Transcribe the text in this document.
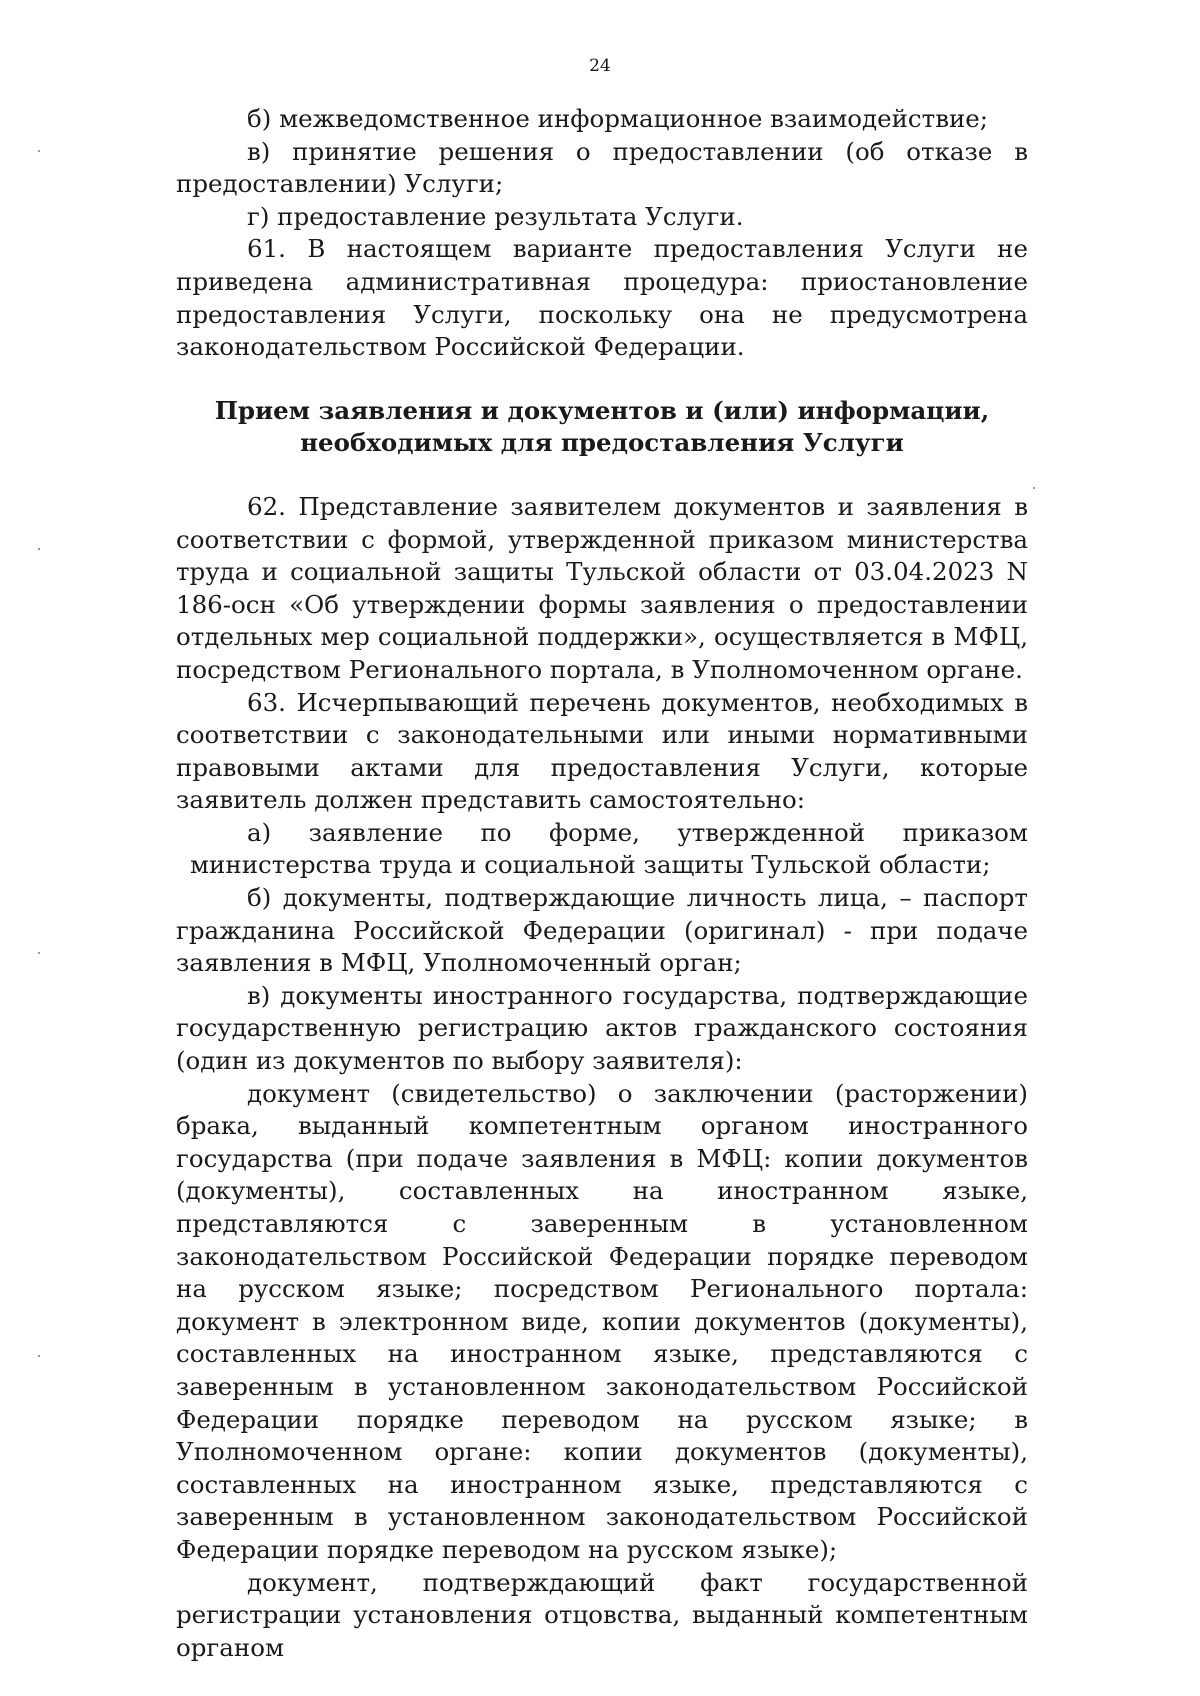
24

б) межведомственное информационное взаимодействие;

в) принятие решения о предоставлении (об отказе в предоставлении) Услуги;

г) предоставление результата Услуги.

61. В настоящем варианте предоставления Услуги не приведена административная процедура: приостановление предоставления Услуги, поскольку она не предусмотрена законодательством Российской Федерации.

Прием заявления и документов и (или) информации,

необходимых для предоставления Услуги

62. Представление заявителем документов и заявления в соответствии с формой, утвержденной приказом министерства труда и социальной защиты Тульской области от 03.04.2023 N 186-осн «Об утверждении формы заявления о предоставлении отдельных мер социальной поддержки», осуществляется в МФЦ, посредством Регионального портала, в Уполномоченном органе.

63. Исчерпывающий перечень документов, необходимых в соответствии с законодательными или иными нормативными правовыми актами для предоставления Услуги, которые заявитель должен представить самостоятельно:

а) заявление по форме, утвержденной приказом министерства труда и социальной защиты Тульской области;

б) документы, подтверждающие личность лица, – паспорт гражданина Российской Федерации (оригинал) - при подаче заявления в МФЦ, Уполномоченный орган;

в) документы иностранного государства, подтверждающие государственную регистрацию актов гражданского состояния (один из документов по выбору заявителя):

документ (свидетельство) о заключении (расторжении) брака, выданный компетентным органом иностранного государства (при подаче заявления в МФЦ: копии документов (документы), составленных на иностранном языке, представляются с заверенным в установленном законодательством Российской Федерации порядке переводом на русском языке; посредством Регионального портала: документ в электронном виде, копии документов (документы), составленных на иностранном языке, представляются с заверенным в установленном законодательством Российской Федерации порядке переводом на русском языке; в Уполномоченном органе: копии документов (документы), составленных на иностранном языке, представляются с заверенным в установленном законодательством Российской Федерации порядке переводом на русском языке);

документ, подтверждающий факт государственной регистрации установления отцовства, выданный компетентным органом
